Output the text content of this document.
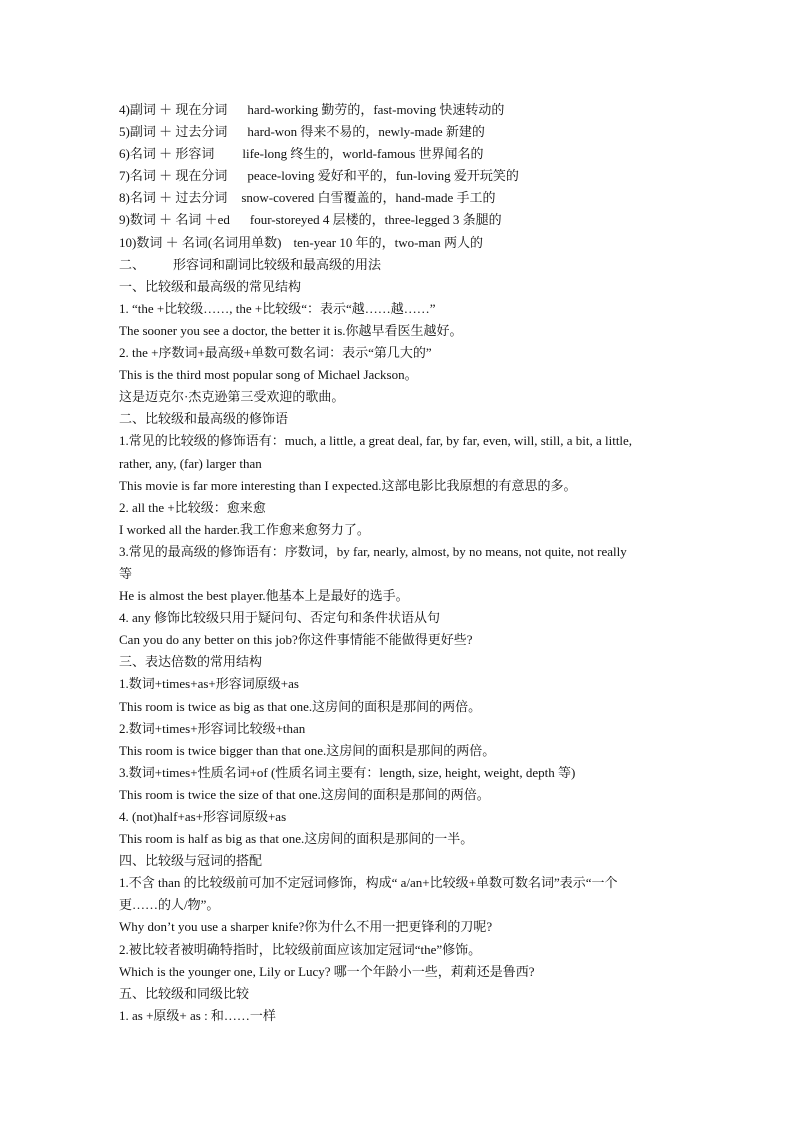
4)副词 ＋ 现在分词 hard-working 勤劳的，fast-moving 快速转动的
5)副词 ＋ 过去分词 hard-won 得来不易的，newly-made 新建的
6)名词 ＋ 形容词 life-long 终生的，world-famous 世界闻名的
7)名词 ＋ 现在分词 peace-loving 爱好和平的，fun-loving 爱开玩笑的
8)名词 ＋ 过去分词 snow-covered 白雪覆盖的，hand-made 手工的
9)数词 ＋ 名词 ＋ed four-storeyed 4 层楼的，three-legged 3 条腿的
10)数词 ＋ 名词(名词用单数) ten-year 10 年的，two-man 两人的
二、 形容词和副词比较级和最高级的用法
一、比较级和最高级的常见结构
1. “the +比较级……, the +比较级“：表示“越……越……”
The sooner you see a doctor, the better it is.你越早看医生越好。
2. the +序数词+最高级+单数可数名词：表示“第几大的”
This is the third most popular song of Michael Jackson。
这是迈克尔·杰克逊第三受欢迎的歌曲。
二、比较级和最高级的修饰语
1.常见的比较级的修饰语有：much, a little, a great deal, far, by far, even, will, still, a bit, a little,
rather, any, (far) larger than
This movie is far more interesting than I expected.这部电影比我原想的有意思的多。
2. all the +比较级：愈来愈
I worked all the harder.我工作愈来愈努力了。
3.常见的最高级的修饰语有：序数词，by far, nearly, almost, by no means, not quite, not really
等
He is almost the best player.他基本上是最好的选手。
4. any 修饰比较级只用于疑问句、否定句和条件状语从句
Can you do any better on this job?你这件事情能不能做得更好些?
三、表达倍数的常用结构
1.数词+times+as+形容词原级+as
This room is twice as big as that one.这房间的面积是那间的两倍。
2.数词+times+形容词比较级+than
This room is twice bigger than that one.这房间的面积是那间的两倍。
3.数词+times+性质名词+of (性质名词主要有：length, size, height, weight, depth 等)
This room is twice the size of that one.这房间的面积是那间的两倍。
4. (not)half+as+形容词原级+as
This room is half as big as that one.这房间的面积是那间的一半。
四、比较级与冠词的搭配
1.不含 than 的比较级前可加不定冠词修饰，构成“ a/an+比较级+单数可数名词”表示“一个
更……的人/物”。
Why don’t you use a sharper knife?你为什么不用一把更锋利的刀呢?
2.被比较者被明确特指时，比较级前面应该加定冠词“the”修饰。
Which is the younger one, Lily or Lucy? 哪一个年龄小一些，莉莉还是鲁西?
五、比较级和同级比较
1. as +原级+ as : 和……一样
